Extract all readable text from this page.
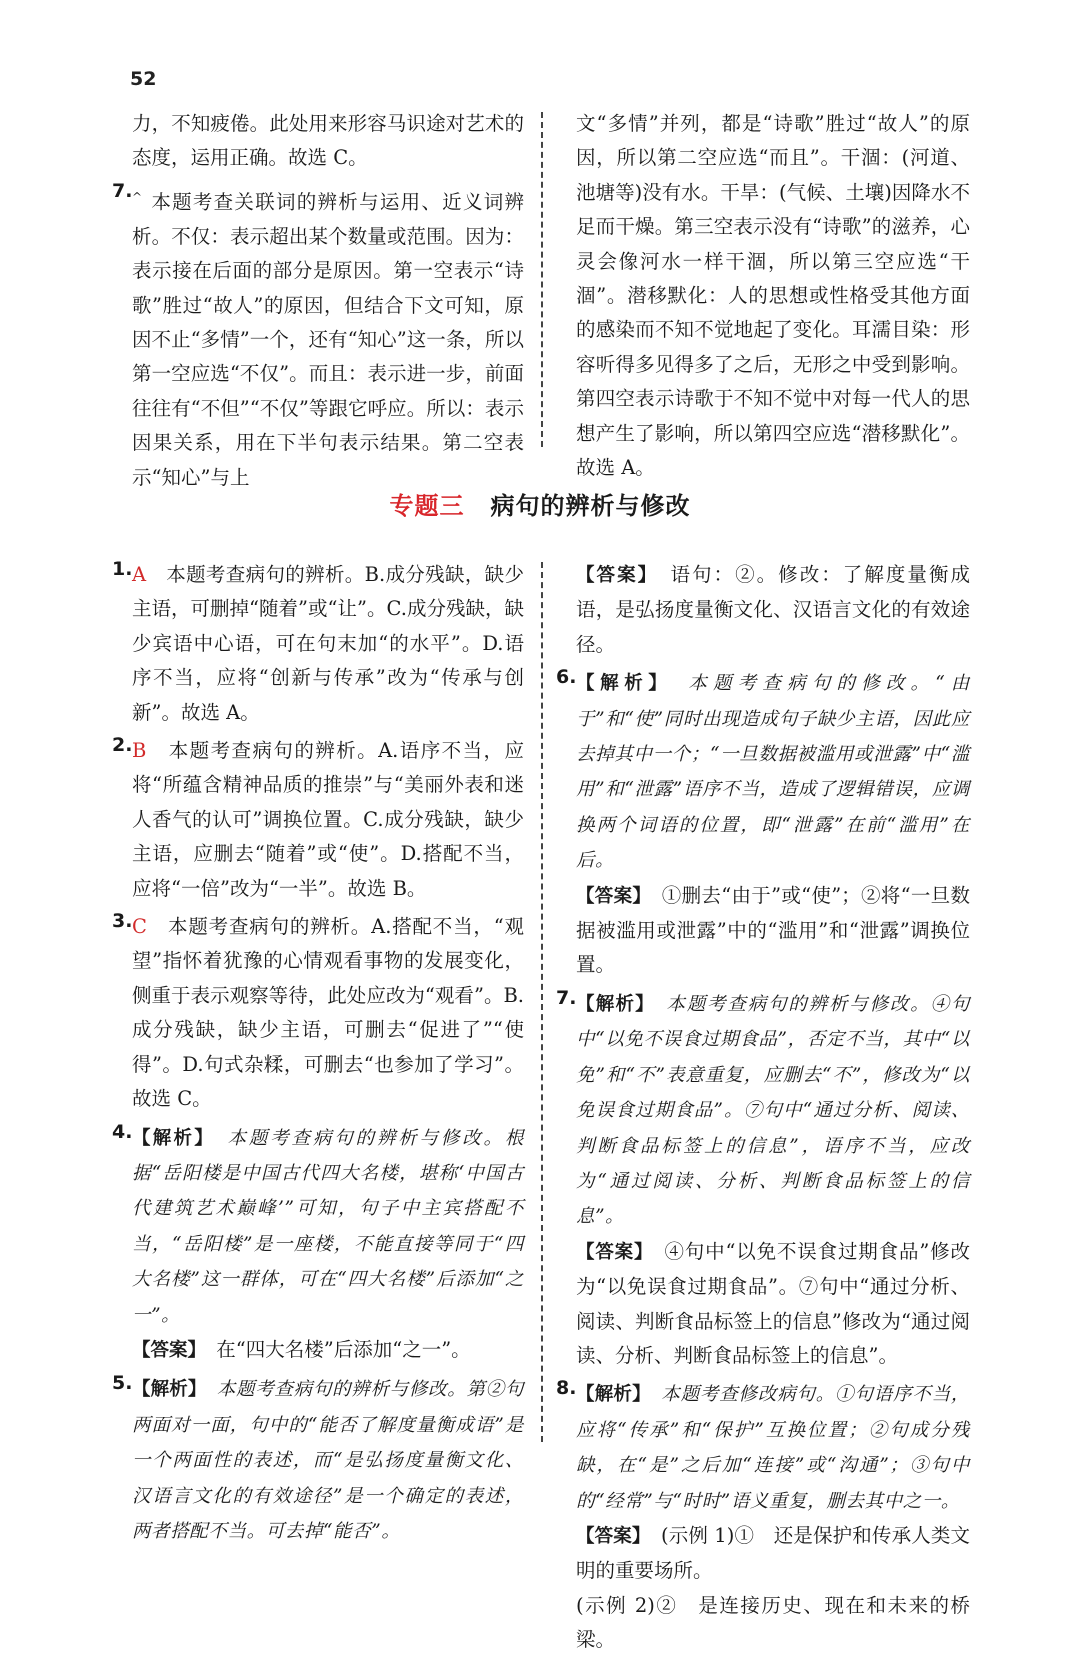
52

力，不知疲倦。此处用来形容马识途对艺术的态度，运用正确。故选 C。

7. ^ 本题考查关联词的辨析与运用、近义词辨析。不仅：表示超出某个数量或范围。因为：表示接在后面的部分是原因。第一空表示“诗歌”胜过“故人”的原因，但结合下文可知，原因不止“多情”一个，还有“知心”这一条，所以第一空应选“不仅”。而且：表示进一步，前面往往有“不但”“不仅”等跟它呼应。所以：表示因果关系，用在下半句表示结果。第二空表示“知心”与上

文“多情”并列，都是“诗歌”胜过“故人”的原因，所以第二空应选“而且”。干涸：(河道、池塘等)没有水。干旱：(气候、土壤)因降水不足而干燥。第三空表示没有“诗歌”的滋养，心灵会像河水一样干涸，所以第三空应选“干涸”。潜移默化：人的思想或性格受其他方面的感染而不知不觉地起了变化。耳濡目染：形容听得多见得多了之后，无形之中受到影响。第四空表示诗歌于不知不觉中对每一代人的思想产生了影响，所以第四空应选“潜移默化”。故选 A。

专题三 病句的辨析与修改
1. A　 本题考查病句的辨析。B.成分残缺，缺少主语，可删掉“随着”或“让”。C.成分残缺，缺少宾语中心语，可在句末加“的水平”。D.语序不当，应将“创新与传承”改为“传承与创新”。故选 A。

2. B　 本题考查病句的辨析。A.语序不当，应将“所蕴含精神品质的推崇”与“美丽外表和迷人香气的认可”调换位置。C.成分残缺，缺少主语，应删去“随着”或“使”。D.搭配不当，应将“一倍”改为“一半”。故选 B。

3. C　 本题考查病句的辨析。A.搭配不当，“观望”指怀着犹豫的心情观看事物的发展变化，侧重于表示观察等待，此处应改为“观看”。B.成分残缺，缺少主语，可删去“促进了”“使得”。D.句式杂糅，可删去“也参加了学习”。故选 C。

4. 【解析】　 本题考查病句的辨析与修改。根据“岳阳楼是中国古代四大名楼，堪称‘中国古代建筑艺术巅峰’”可知，句子中主宾搭配不当，“岳阳楼”是一座楼，不能直接等同于“四大名楼”这一群体，可在“四大名楼”后添加“之一”。

【答案】　 在“四大名楼”后添加“之一”。

5. 【解析】　 本题考查病句的辨析与修改。第②句两面对一面，句中的“能否了解度量衡成语”是一个两面性的表述，而“是弘扬度量衡文化、汉语言文化的有效途径”是一个确定的表述，两者搭配不当。可去掉“能否”。

【答案】　 语句：②。修改：了解度量衡成语，是弘扬度量衡文化、汉语言文化的有效途径。

6. 【解析】　 本题考查病句的修改。“由于”和“使”同时出现造成句子缺少主语，因此应去掉其中一个；“一旦数据被滥用或泄露”中“滥用”和“泄露”语序不当，造成了逻辑错误，应调换两个词语的位置，即“泄露”在前“滥用”在后。

【答案】　 ①删去“由于”或“使”；②将“一旦数据被滥用或泄露”中的“滥用”和“泄露”调换位置。

7. 【解析】　 本题考查病句的辨析与修改。④句中“以免不误食过期食品”，否定不当，其中“以免”和“不”表意重复，应删去“不”，修改为“以免误食过期食品”。⑦句中“通过分析、阅读、判断食品标签上的信息”，语序不当，应改为“通过阅读、分析、判断食品标签上的信息”。

【答案】　 ④句中“以免不误食过期食品”修改为“以免误食过期食品”。⑦句中“通过分析、阅读、判断食品标签上的信息”修改为“通过阅读、分析、判断食品标签上的信息”。

8. 【解析】　 本题考查修改病句。①句语序不当，应将“传承”和“保护”互换位置；②句成分残缺，在“是”之后加“连接”或“沟通”；③句中的“经常”与“时时”语义重复，删去其中之一。

【答案】　 (示例 1)①　还是保护和传承人类文明的重要场所。

(示例 2)②　是连接历史、现在和未来的桥梁。
